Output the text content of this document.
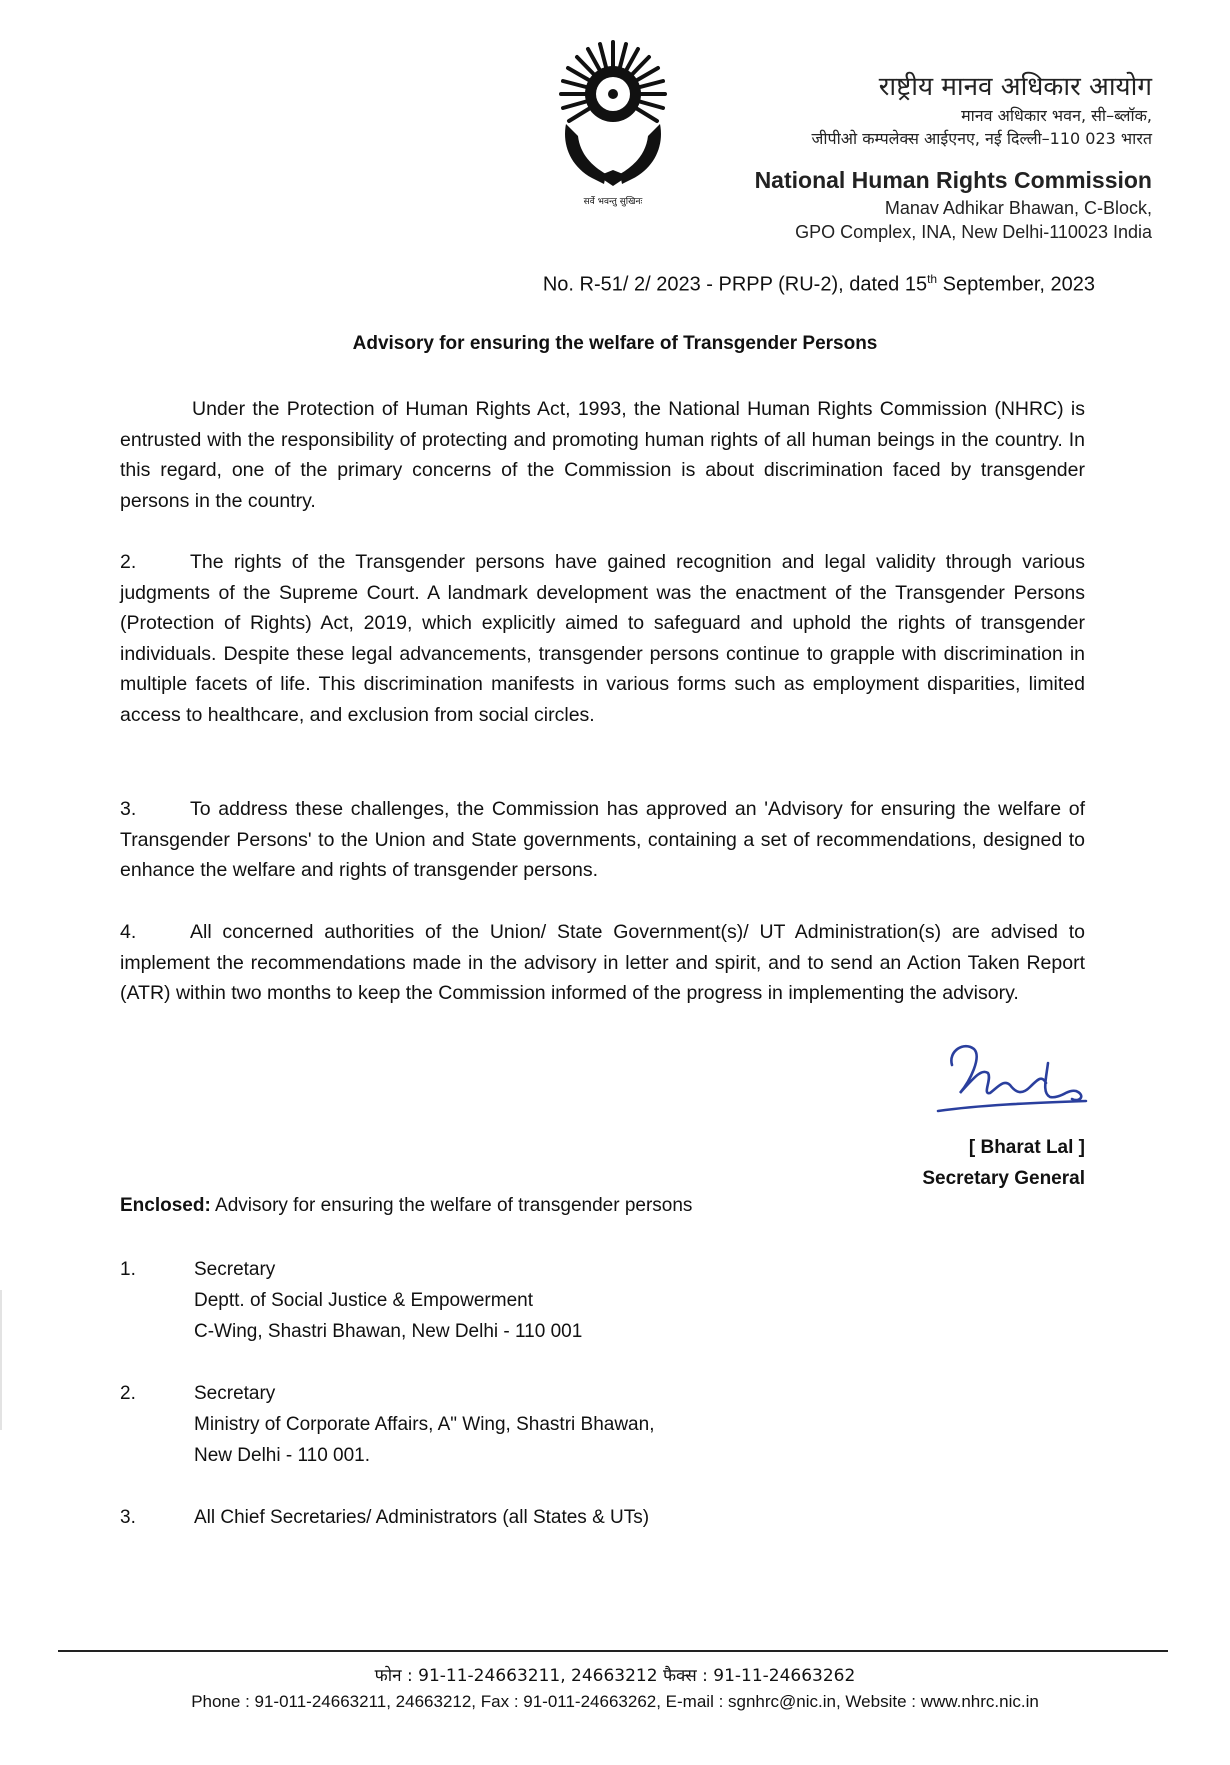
सर्वे भवन्तु सुखिनः
राष्ट्रीय मानव अधिकार आयोग
मानव अधिकार भवन, सी–ब्लॉक,
जीपीओ कम्पलेक्स आईएनए, नई दिल्ली–110 023 भारत
National Human Rights Commission
Manav Adhikar Bhawan, C-Block,
GPO Complex, INA, New Delhi-110023 India
No. R-51/ 2/ 2023 - PRPP (RU-2), dated 15th September, 2023
Advisory for ensuring the welfare of Transgender Persons
Under the Protection of Human Rights Act, 1993, the National Human Rights Commission (NHRC) is entrusted with the responsibility of protecting and promoting human rights of all human beings in the country. In this regard, one of the primary concerns of the Commission is about discrimination faced by transgender persons in the country.
2.	The rights of the Transgender persons have gained recognition and legal validity through various judgments of the Supreme Court. A landmark development was the enactment of the Transgender Persons (Protection of Rights) Act, 2019, which explicitly aimed to safeguard and uphold the rights of transgender individuals. Despite these legal advancements, transgender persons continue to grapple with discrimination in multiple facets of life. This discrimination manifests in various forms such as employment disparities, limited access to healthcare, and exclusion from social circles.
3.	To address these challenges, the Commission has approved an 'Advisory for ensuring the welfare of Transgender Persons' to the Union and State governments, containing a set of recommendations, designed to enhance the welfare and rights of transgender persons.
4.	All concerned authorities of the Union/ State Government(s)/ UT Administration(s) are advised to implement the recommendations made in the advisory in letter and spirit, and to send an Action Taken Report (ATR) within two months to keep the Commission informed of the progress in implementing the advisory.
[ Bharat Lal ]
Secretary General
Enclosed: Advisory for ensuring the welfare of transgender persons
1.	Secretary
Deptt. of Social Justice & Empowerment
C-Wing, Shastri Bhawan, New Delhi - 110 001
2.	Secretary
Ministry of Corporate Affairs, A" Wing, Shastri Bhawan,
New Delhi - 110 001.
3.	All Chief Secretaries/ Administrators (all States & UTs)
फोन : 91-11-24663211, 24663212 फैक्स : 91-11-24663262
Phone : 91-011-24663211, 24663212, Fax : 91-011-24663262, E-mail : sgnhrc@nic.in, Website : www.nhrc.nic.in
